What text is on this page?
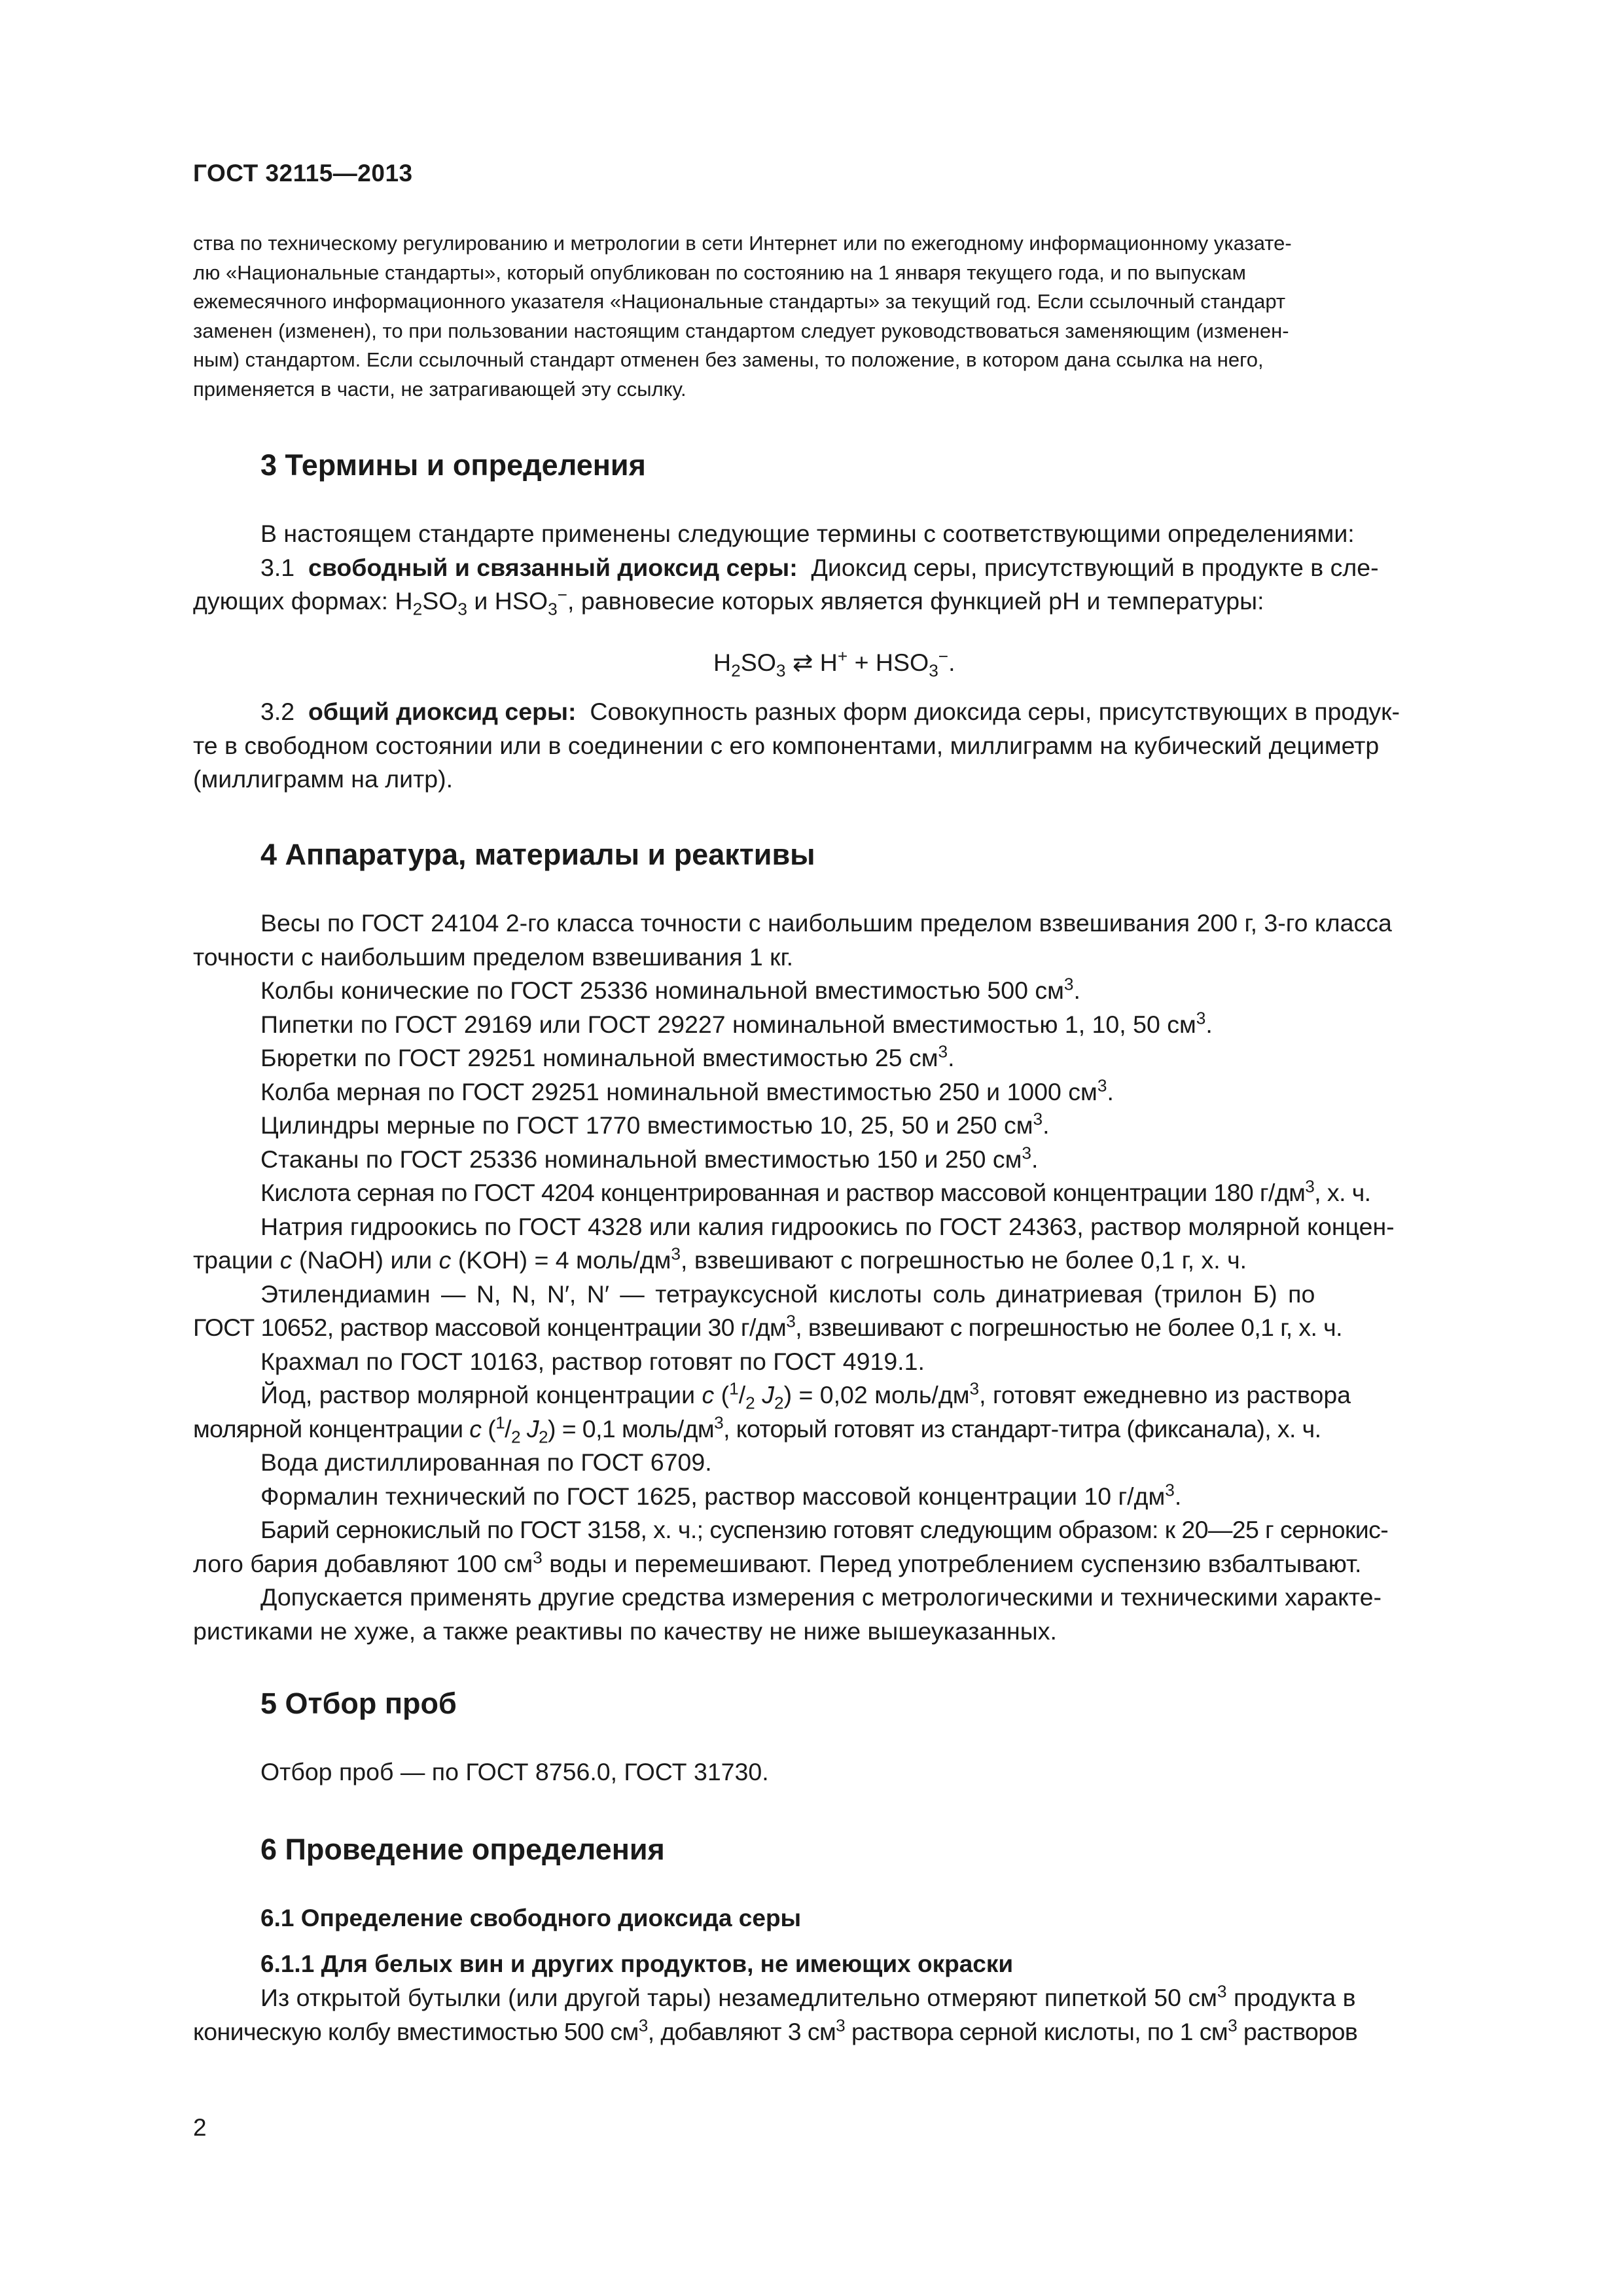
ГОСТ 32115—2013

ства по техническому регулированию и метрологии в сети Интернет или по ежегодному информационному указате-

лю «Национальные стандарты», который опубликован по состоянию на 1 января текущего года, и по выпускам

ежемесячного информационного указателя «Национальные стандарты» за текущий год. Если ссылочный стандарт

заменен (изменен), то при пользовании настоящим стандартом следует руководствоваться заменяющим (изменен-

ным) стандартом. Если ссылочный стандарт отменен без замены, то положение, в котором дана ссылка на него,

применяется в части, не затрагивающей эту ссылку.

3 Термины и определения

В настоящем стандарте применены следующие термины с соответствующими определениями:

3.1 свободный и связанный диоксид серы: Диоксид серы, присутствующий в продукте в сле-

дующих формах: $H_2SO_3$ и $HSO_3^-$, равновесие которых является функцией pH и температуры:

$H_2SO_3$ ⇄ $H^+ + HSO_3^-$.

3.2 общий диоксид серы: Совокупность разных форм диоксида серы, присутствующих в продук-

те в свободном состоянии или в соединении с его компонентами, миллиграмм на кубический дециметр

(миллиграмм на литр).

4 Аппаратура, материалы и реактивы

Весы по ГОСТ 24104 2-го класса точности с наибольшим пределом взвешивания 200 г, 3-го класса

точности с наибольшим пределом взвешивания 1 кг.

Колбы конические по ГОСТ 25336 номинальной вместимостью 500 $см^3$.

Пипетки по ГОСТ 29169 или ГОСТ 29227 номинальной вместимостью 1, 10, 50 $см^3$.

Бюретки по ГОСТ 29251 номинальной вместимостью 25 $см^3$.

Колба мерная по ГОСТ 29251 номинальной вместимостью 250 и 1000 $см^3$.

Цилиндры мерные по ГОСТ 1770 вместимостью 10, 25, 50 и 250 $см^3$.

Стаканы по ГОСТ 25336 номинальной вместимостью 150 и 250 $см^3$.

Кислота серная по ГОСТ 4204 концентрированная и раствор массовой концентрации 180 $г/дм^3$, х. ч.

Натрия гидроокись по ГОСТ 4328 или калия гидроокись по ГОСТ 24363, раствор молярной концен-

трации c (NaOH) или c (KOH) = 4 моль/$дм^3$, взвешивают с погрешностью не более 0,1 г, х. ч.

Этилендиамин — N, N, N′, N′ — тетрауксусной кислоты соль динатриевая (трилон Б) по

ГОСТ 10652, раствор массовой концентрации 30 $г/дм^3$, взвешивают с погрешностью не более 0,1 г, х. ч.

Крахмал по ГОСТ 10163, раствор готовят по ГОСТ 4919.1.

Йод, раствор молярной концентрации c ($^1/_2$ $J_2) = 0,02$ моль/$дм^3$, готовят ежедневно из раствора

молярной концентрации c ($^1/_2$ $J_2) = 0,1$ моль/$дм^3$, который готовят из стандарт-титра (фиксанала), х. ч.

Вода дистиллированная по ГОСТ 6709.

Формалин технический по ГОСТ 1625, раствор массовой концентрации 10 $г/дм^3$.

Барий сернокислый по ГОСТ 3158, х. ч.; суспензию готовят следующим образом: к 20—25 г сернокис-

лого бария добавляют 100 $см^3$ воды и перемешивают. Перед употреблением суспензию взбалтывают.

Допускается применять другие средства измерения с метрологическими и техническими характе-

ристиками не хуже, а также реактивы по качеству не ниже вышеуказанных.

5 Отбор проб

Отбор проб — по ГОСТ 8756.0, ГОСТ 31730.

6 Проведение определения
6.1 Определение свободного диоксида серы
6.1.1 Для белых вин и других продуктов, не имеющих окраски

Из открытой бутылки (или другой тары) незамедлительно отмеряют пипеткой 50 $см^3$ продукта в

коническую колбу вместимостью 500 $см^3$, добавляют 3 $см^3$ раствора серной кислоты, по 1 $см^3$ растворов

2
